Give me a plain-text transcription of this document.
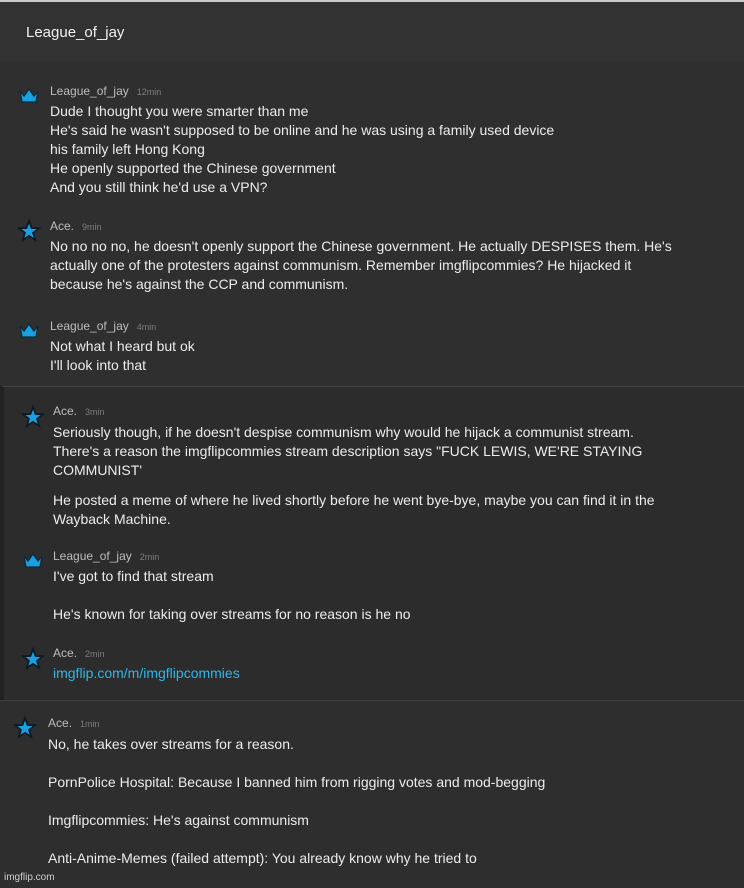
League_of_jay
League_of_jay 12min

Dude I thought you were smarter than me

He's said he wasn't supposed to be online and he was using a family used device

his family left Hong Kong

He openly supported the Chinese government

And you still think he'd use a VPN?

Ace. 9min

No no no no, he doesn't openly support the Chinese government. He actually DESPISES them. He's

actually one of the protesters against communism. Remember imgflipcommies? He hijacked it

because he's against the CCP and communism.

League_of_jay 4min

Not what I heard but ok

I'll look into that

Ace. 3min

Seriously though, if he doesn't despise communism why would he hijack a communist stream.

There's a reason the imgflipcommies stream description says "FUCK LEWIS, WE'RE STAYING

COMMUNIST'

He posted a meme of where he lived shortly before he went bye-bye, maybe you can find it in the

Wayback Machine.

League_of_jay 2min

I've got to find that stream

He's known for taking over streams for no reason is he no

Ace. 2min
imgflip.com/m/imgflipcommies
Ace. 1min

No, he takes over streams for a reason.

PornPolice Hospital: Because I banned him from rigging votes and mod-begging

Imgflipcommies: He's against communism

Anti-Anime-Memes (failed attempt): You already know why he tried to

imgflip.com
